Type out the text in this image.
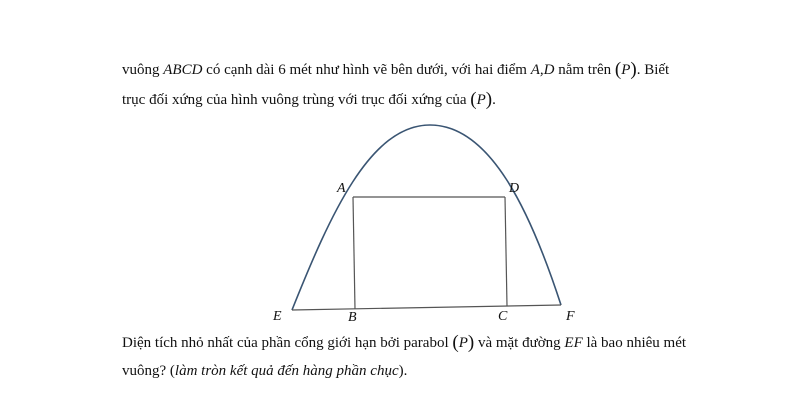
vuông ABCD có cạnh dài 6 mét như hình vẽ bên dưới, với hai điểm A,D nằm trên (P). Biết
trục đối xứng của hình vuông trùng với trục đối xứng của (P).
A	D
E	B	C	F
Diện tích nhỏ nhất của phần cổng giới hạn bởi parabol (P) và mặt đường EF là bao nhiêu mét
vuông? (làm tròn kết quả đến hàng phần chục).
